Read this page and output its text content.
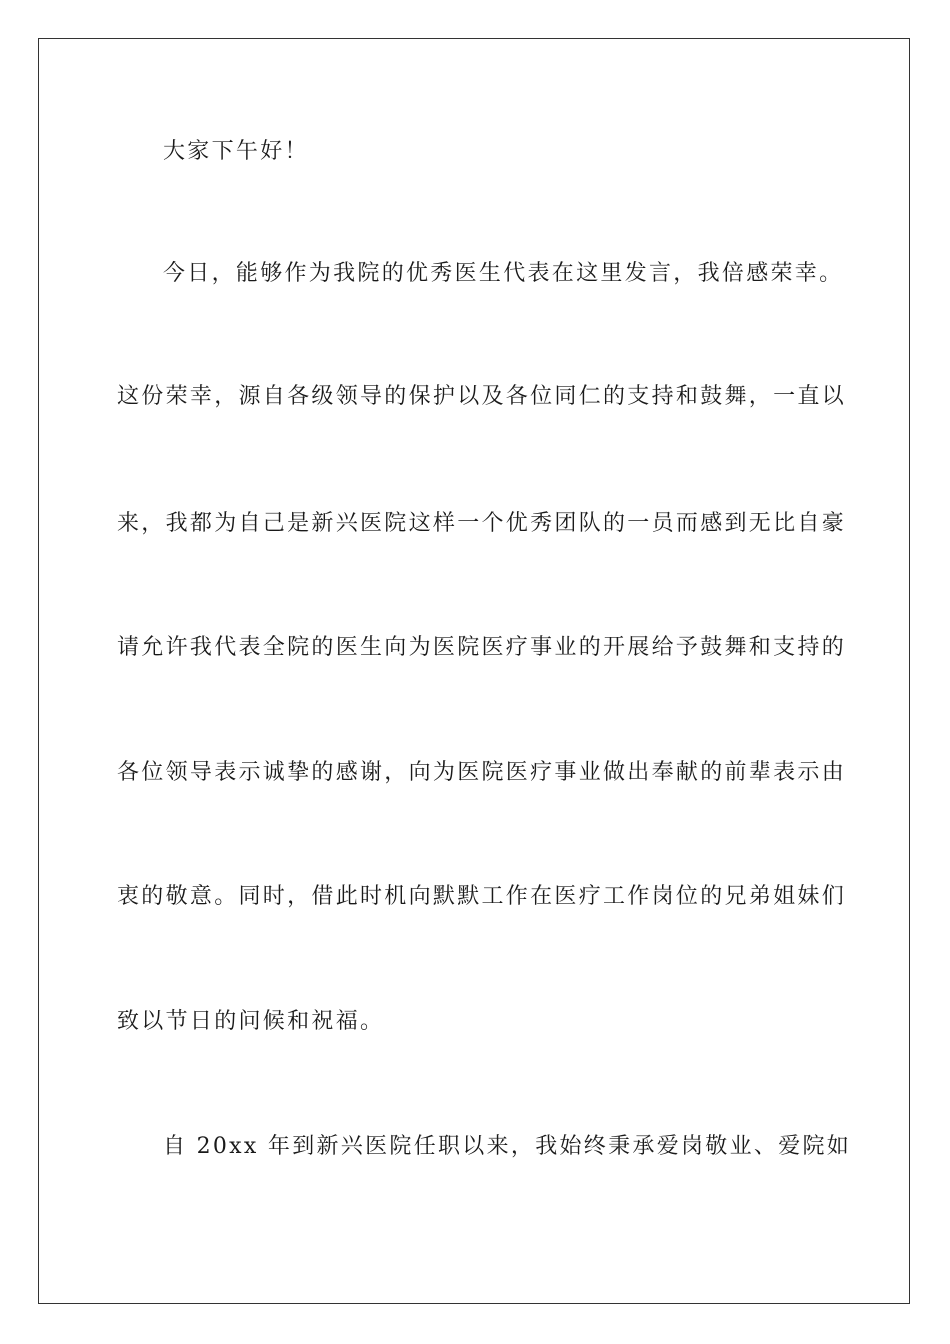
大家下午好！
今日，能够作为我院的优秀医生代表在这里发言，我倍感荣幸。
这份荣幸，源自各级领导的保护以及各位同仁的支持和鼓舞，一直以
来，我都为自己是新兴医院这样一个优秀团队的一员而感到无比自豪
请允许我代表全院的医生向为医院医疗事业的开展给予鼓舞和支持的
各位领导表示诚挚的感谢，向为医院医疗事业做出奉献的前辈表示由
衷的敬意。同时，借此时机向默默工作在医疗工作岗位的兄弟姐妹们
致以节日的问候和祝福。
自 20xx 年到新兴医院任职以来，我始终秉承爱岗敬业、爱院如
